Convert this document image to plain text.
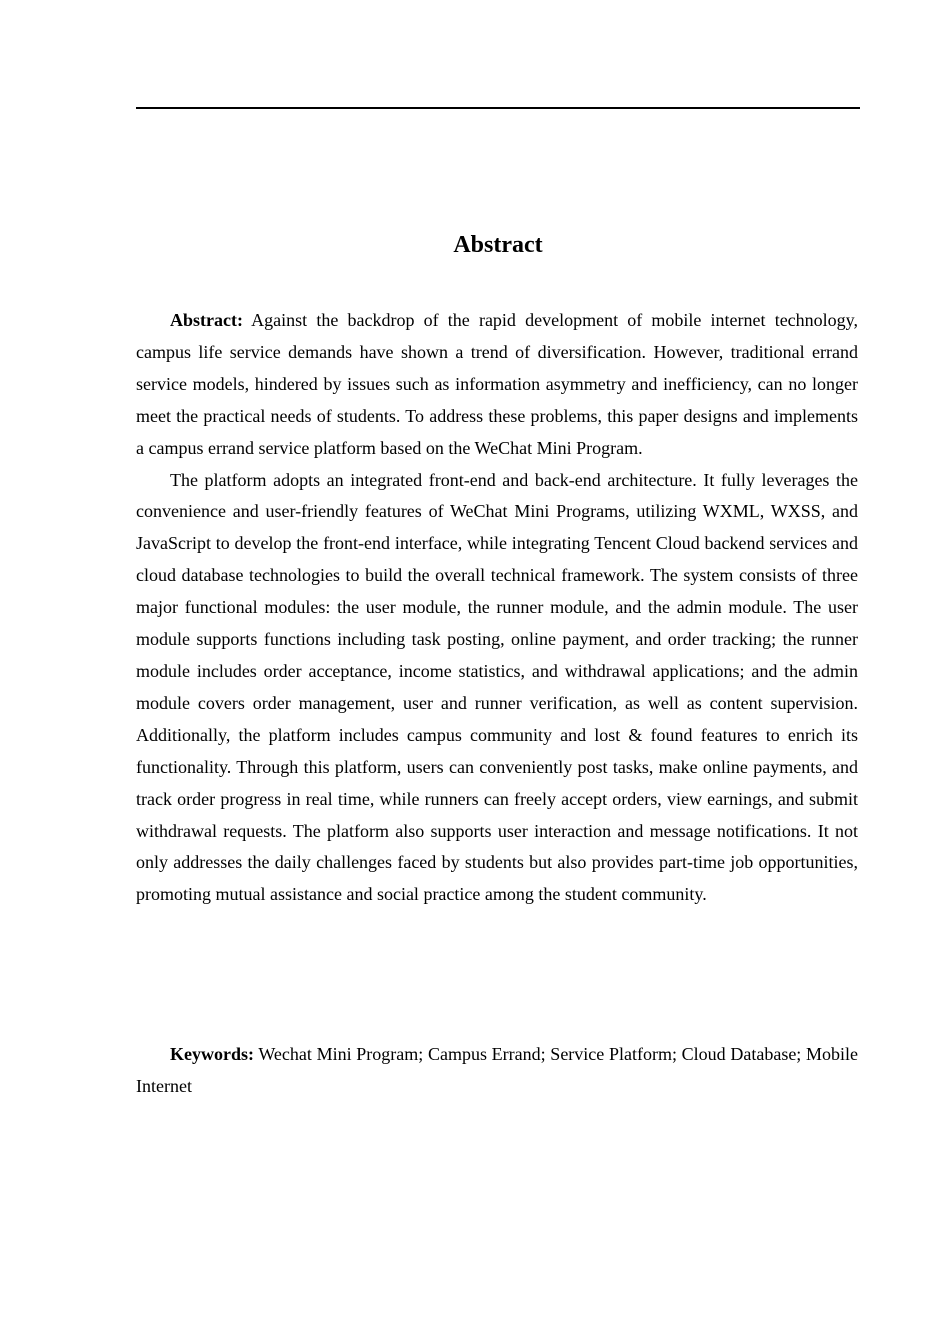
Abstract

Abstract: Against the backdrop of the rapid development of mobile internet technology, campus life service demands have shown a trend of diversification. However, traditional errand service models, hindered by issues such as information asymmetry and inefficiency, can no longer meet the practical needs of students. To address these problems, this paper designs and implements a campus errand service platform based on the WeChat Mini Program.

The platform adopts an integrated front-end and back-end architecture. It fully leverages the convenience and user-friendly features of WeChat Mini Programs, utilizing WXML, WXSS, and JavaScript to develop the front-end interface, while integrating Tencent Cloud backend services and cloud database technologies to build the overall technical framework. The system consists of three major functional modules: the user module, the runner module, and the admin module. The user module supports functions including task posting, online payment, and order tracking; the runner module includes order acceptance, income statistics, and withdrawal applications; and the admin module covers order management, user and runner verification, as well as content supervision. Additionally, the platform includes campus community and lost & found features to enrich its functionality. Through this platform, users can conveniently post tasks, make online payments, and track order progress in real time, while runners can freely accept orders, view earnings, and submit withdrawal requests. The platform also supports user interaction and message notifications. It not only addresses the daily challenges faced by students but also provides part-time job opportunities, promoting mutual assistance and social practice among the student community.

Keywords: Wechat Mini Program; Campus Errand; Service Platform; Cloud Database; Mobile Internet
